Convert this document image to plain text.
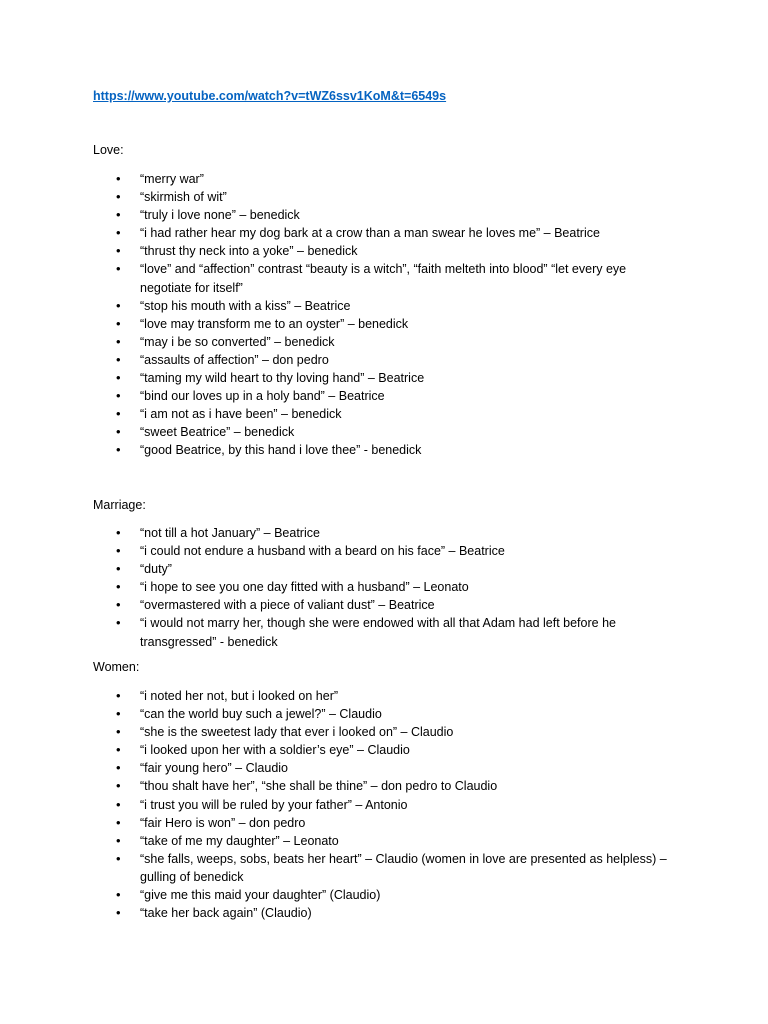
https://www.youtube.com/watch?v=tWZ6ssv1KoM&t=6549s
Love:
• “merry war”
• “skirmish of wit”
• “truly i love none” – benedick
• “i had rather hear my dog bark at a crow than a man swear he loves me” – Beatrice
• “thrust thy neck into a yoke” – benedick
• “love” and “affection” contrast “beauty is a witch”, “faith melteth into blood” “let every eye negotiate for itself”
• “stop his mouth with a kiss” – Beatrice
• “love may transform me to an oyster” – benedick
• “may i be so converted” – benedick
• “assaults of affection” – don pedro
• “taming my wild heart to thy loving hand” – Beatrice
• “bind our loves up in a holy band” – Beatrice
• “i am not as i have been” – benedick
• “sweet Beatrice” – benedick
• “good Beatrice, by this hand i love thee” - benedick
Marriage:
• “not till a hot January” – Beatrice
• “i could not endure a husband with a beard on his face” – Beatrice
• “duty”
• “i hope to see you one day fitted with a husband” – Leonato
• “overmastered with a piece of valiant dust” – Beatrice
• “i would not marry her, though she were endowed with all that Adam had left before he transgressed” - benedick
Women:
• “i noted her not, but i looked on her”
• “can the world buy such a jewel?” – Claudio
• “she is the sweetest lady that ever i looked on” – Claudio
• “i looked upon her with a soldier’s eye” – Claudio
• “fair young hero” – Claudio
• “thou shalt have her”, “she shall be thine” – don pedro to Claudio
• “i trust you will be ruled by your father” – Antonio
• “fair Hero is won” – don pedro
• “take of me my daughter” – Leonato
• “she falls, weeps, sobs, beats her heart” – Claudio (women in love are presented as helpless) – gulling of benedick
• “give me this maid your daughter” (Claudio)
• “take her back again” (Claudio)
